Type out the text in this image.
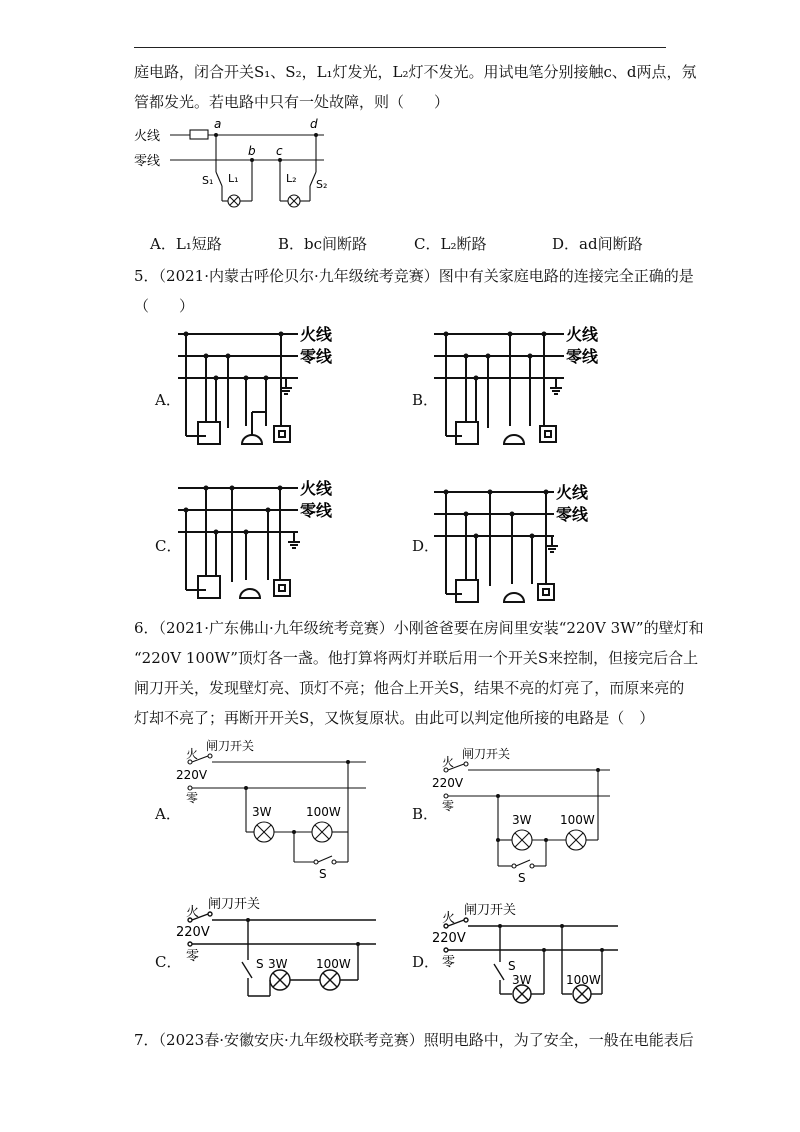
庭电路，闭合开关S₁、S₂，L₁灯发光，L₂灯不发光。用试电笔分别接触c、d两点，氖
管都发光。若电路中只有一处故障，则（　　）
火线
零线
a	d
b c
S₁ L₁	L₂ S₂
A．L₁短路	B．bc间断路	C．L₂断路	D．ad间断路
5．（2021·内蒙古呼伦贝尔·九年级统考竞赛）图中有关家庭电路的连接完全正确的是
（　　）
火线
零线
A．
火线
零线
B．
火线
零线
C．
火线
零线
D．
6．（2021·广东佛山·九年级统考竞赛）小刚爸爸要在房间里安装“220V 3W”的壁灯和
“220V 100W”顶灯各一盏。他打算将两灯并联后用一个开关S来控制，但接完后合上
闸刀开关，发现壁灯亮、顶灯不亮；他合上开关S，结果不亮的灯亮了，而原来亮的
灯却不亮了；再断开开关S，又恢复原状。由此可以判定他所接的电路是（　）
火
闸刀开关
220V
零
3W	100W
S
A．
火
闸刀开关
220V
零
3W 100W
S
B．
火
闸刀开关
220V
零	S 3W 100W
C．
火
闸刀开关
220V
零	S
3W	100W
D．
7．（2023春·安徽安庆·九年级校联考竞赛）照明电路中，为了安全，一般在电能表后
